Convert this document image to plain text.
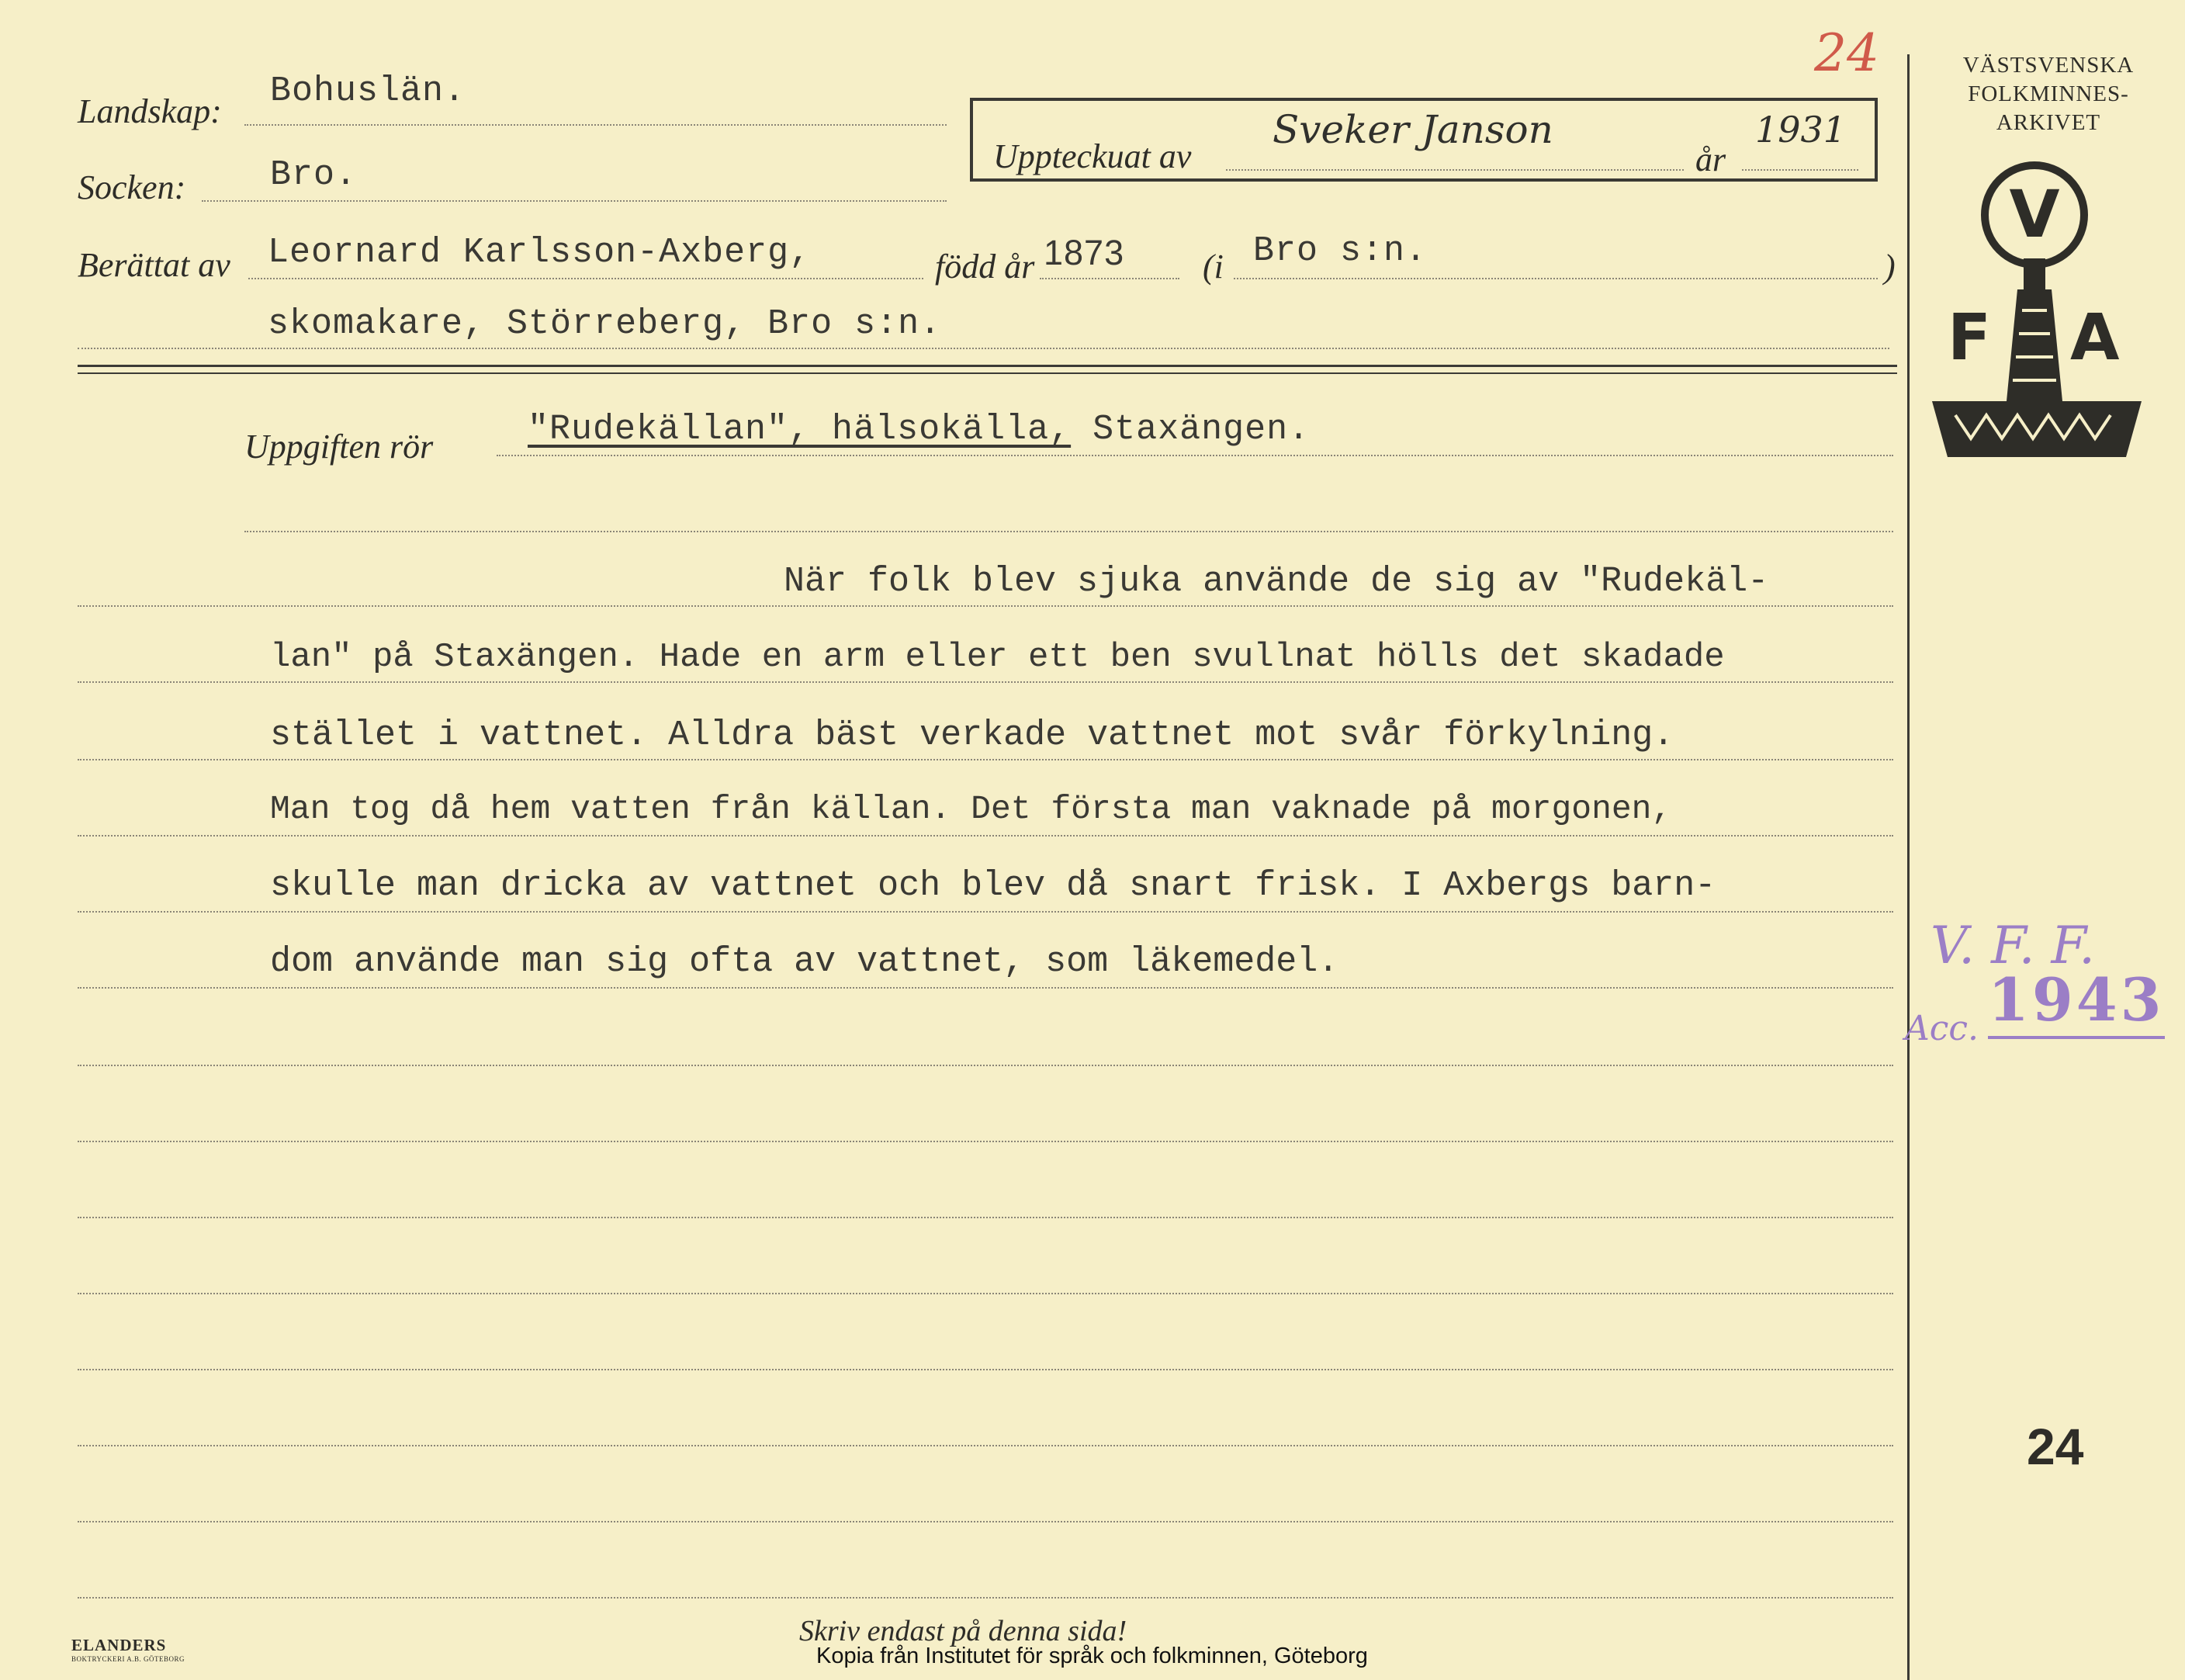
Landskap:
Bohuslän.
Socken: Bro.	Uppteckuat av
Sveker Janson
år
1931
24
Berättat av Leornard Karlsson-Axberg,	född år 1873 (i Bro s:n.	)
skomakare, Störreberg, Bro s:n.
VÄSTSVENSKA
FOLKMINNES-
ARKIVET
V
F A
Uppgiften rör	"Rudekällan", hälsokälla, Staxängen.
När folk blev sjuka använde de sig av "Rudekäl-
lan" på Staxängen. Hade en arm eller ett ben svullnat hölls det skadade
stället i vattnet. Alldra bäst verkade vattnet mot svår förkylning.
Man tog då hem vatten från källan. Det första man vaknade på morgonen,
skulle man dricka av vattnet och blev då snart frisk. I Axbergs barn-
dom använde man sig ofta av vattnet, som läkemedel.	V. F. F.
Acc. 1943
24
Skriv endast på denna sida!
Kopia från Institutet för språk och folkminnen, Göteborg
ELANDERS
BOKTRYCKERI A.B. GÖTEBORG
